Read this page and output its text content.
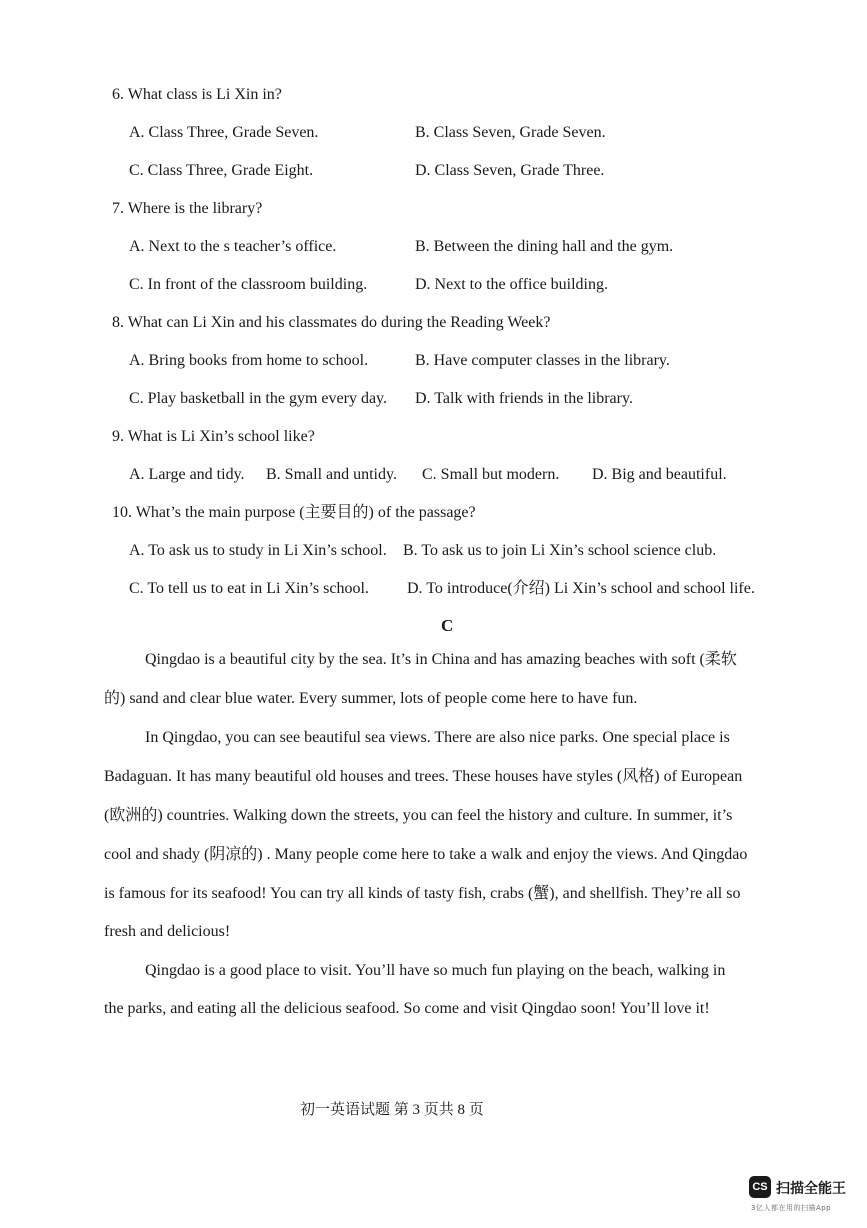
6. What class is Li Xin in?
A. Class Three, Grade Seven.	B. Class Seven, Grade Seven.
C. Class Three, Grade Eight.	D. Class Seven, Grade Three.
7. Where is the library?
A. Next to the s teacher’s office.	B. Between the dining hall and the gym.
C. In front of the classroom building.	D. Next to the office building.
8. What can Li Xin and his classmates do during the Reading Week?
A. Bring books from home to school.	B. Have computer classes in the library.
C. Play basketball in the gym every day. D. Talk with friends in the library.
9. What is Li Xin’s school like?
A. Large and tidy. B. Small and untidy. C. Small but modern. D. Big and beautiful.
10. What’s the main purpose (主要目的) of the passage?
A. To ask us to study in Li Xin’s school. B. To ask us to join Li Xin’s school science club.
C. To tell us to eat in Li Xin’s school. D. To introduce(介绍) Li Xin’s school and school life.
C
Qingdao is a beautiful city by the sea. It’s in China and has amazing beaches with soft (柔软
的) sand and clear blue water. Every summer, lots of people come here to have fun.
In Qingdao, you can see beautiful sea views. There are also nice parks. One special place is
Badaguan. It has many beautiful old houses and trees. These houses have styles (风格) of European
(欧洲的) countries. Walking down the streets, you can feel the history and culture. In summer, it’s
cool and shady (阴凉的) . Many people come here to take a walk and enjoy the views. And Qingdao
is famous for its seafood! You can try all kinds of tasty fish, crabs (蟹), and shellfish. They’re all so
fresh and delicious!
Qingdao is a good place to visit. You’ll have so much fun playing on the beach, walking in
the parks, and eating all the delicious seafood. So come and visit Qingdao soon! You’ll love it!
初一英语试题 第 3 页共 8 页
CS 扫描全能王
3亿人都在用的扫描App
